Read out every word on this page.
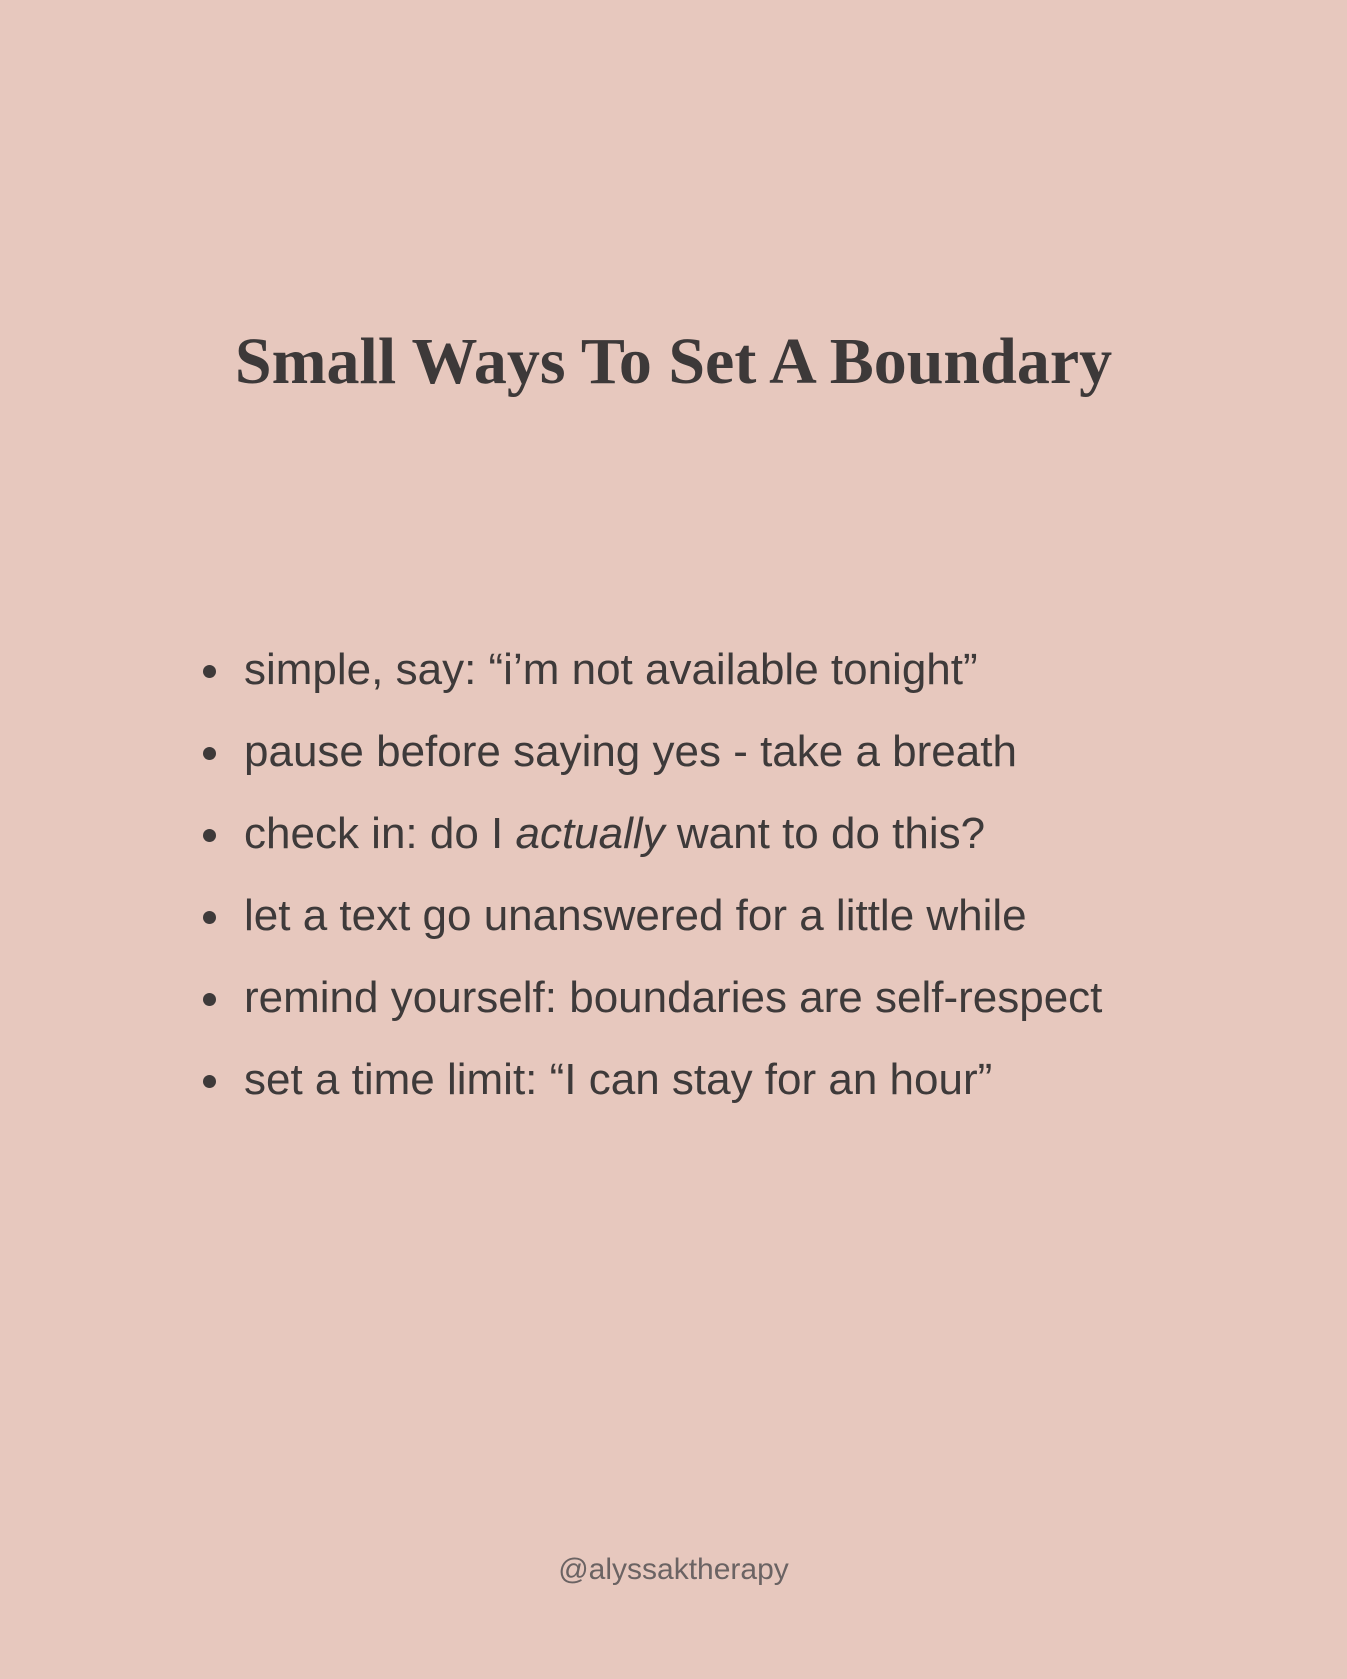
Small Ways To Set A Boundary
simple, say: “i’m not available tonight”
pause before saying yes - take a breath
check in: do I actually want to do this?
let a text go unanswered for a little while
remind yourself: boundaries are self-respect
set a time limit: “I can stay for an hour”
@alyssaktherapy
